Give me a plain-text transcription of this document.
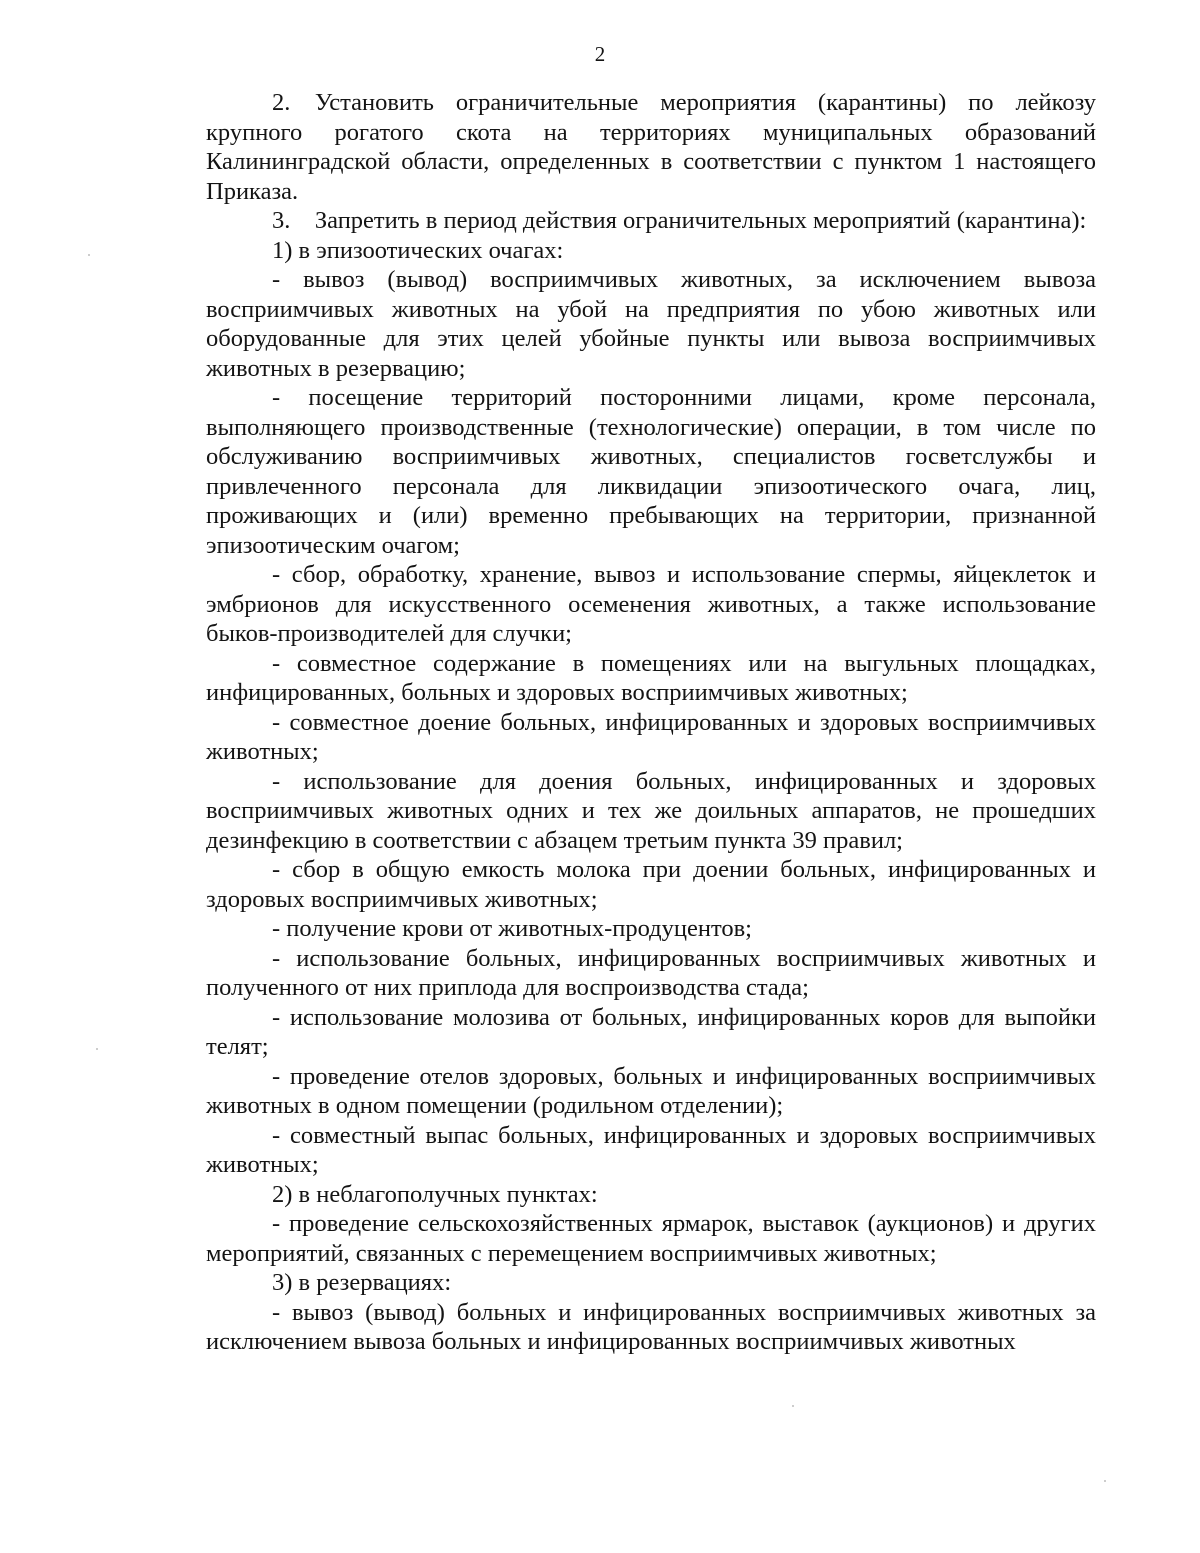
2

2. Установить ограничительные мероприятия (карантины) по лейкозу крупного рогатого скота на территориях муниципальных образований Калининградской области, определенных в соответствии с пунктом 1 настоящего Приказа.

3. Запретить в период действия ограничительных мероприятий (карантина):

1) в эпизоотических очагах:

- вывоз (вывод) восприимчивых животных, за исключением вывоза восприимчивых животных на убой на предприятия по убою животных или оборудованные для этих целей убойные пункты или вывоза восприимчивых животных в резервацию;

- посещение территорий посторонними лицами, кроме персонала, выполняющего производственные (технологические) операции, в том числе по обслуживанию восприимчивых животных, специалистов госветслужбы и привлеченного персонала для ликвидации эпизоотического очага, лиц, проживающих и (или) временно пребывающих на территории, признанной эпизоотическим очагом;

- сбор, обработку, хранение, вывоз и использование спермы, яйцеклеток и эмбрионов для искусственного осеменения животных, а также использование быков-производителей для случки;

- совместное содержание в помещениях или на выгульных площадках, инфицированных, больных и здоровых восприимчивых животных;

- совместное доение больных, инфицированных и здоровых восприимчивых животных;

- использование для доения больных, инфицированных и здоровых восприимчивых животных одних и тех же доильных аппаратов, не прошедших дезинфекцию в соответствии с абзацем третьим пункта 39 правил;

- сбор в общую емкость молока при доении больных, инфицированных и здоровых восприимчивых животных;

- получение крови от животных-продуцентов;

- использование больных, инфицированных восприимчивых животных и полученного от них приплода для воспроизводства стада;

- использование молозива от больных, инфицированных коров для выпойки телят;

- проведение отелов здоровых, больных и инфицированных восприимчивых животных в одном помещении (родильном отделении);

- совместный выпас больных, инфицированных и здоровых восприимчивых животных;

2) в неблагополучных пунктах:

- проведение сельскохозяйственных ярмарок, выставок (аукционов) и других мероприятий, связанных с перемещением восприимчивых животных;

3) в резервациях:

- вывоз (вывод) больных и инфицированных восприимчивых животных за исключением вывоза больных и инфицированных восприимчивых животных
